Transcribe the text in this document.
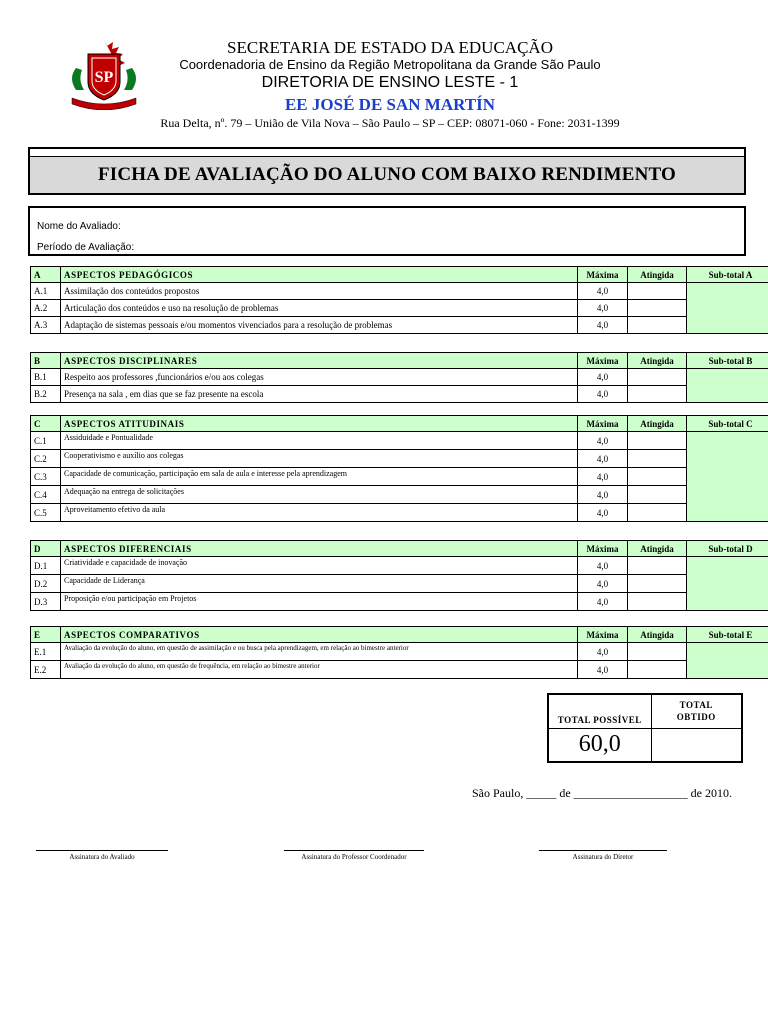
SP
SECRETARIA DE ESTADO DA EDUCAÇÃO
Coordenadoria de Ensino da Região Metropolitana da Grande São Paulo
DIRETORIA DE ENSINO LESTE - 1
EE JOSÉ DE SAN MARTÍN
Rua Delta, nº. 79 – União de Vila Nova – São Paulo – SP – CEP: 08071-060 - Fone: 2031-1399
FICHA DE AVALIAÇÃO DO ALUNO COM BAIXO RENDIMENTO
Nome do Avaliado:
Período de Avaliação:
A	ASPECTOS PEDAGÓGICOS	Máxima	Atingida	Sub-total A
A.1	Assimilação dos conteúdos propostos	4,0		
A.2	Articulação dos conteúdos e uso na resolução de problemas	4,0		
A.3	Adaptação de sistemas pessoais e/ou momentos vivenciados para a resolução de problemas	4,0		
B	ASPECTOS DISCIPLINARES	Máxima	Atingida	Sub-total B
B.1	Respeito aos professores ,funcionários e/ou aos colegas	4,0		
B.2	Presença na sala , em dias que se faz presente na escola	4,0		
C	ASPECTOS ATITUDINAIS	Máxima	Atingida	Sub-total C
C.1	Assiduidade e Pontualidade	4,0		
C.2	Cooperativismo e auxílio aos colegas	4,0		
C.3	Capacidade de comunicação, participação em sala de aula e interesse pela aprendizagem	4,0		
C.4	Adequação na entrega de solicitações	4,0		
C.5	Aproveitamento efetivo da aula	4,0		
D	ASPECTOS DIFERENCIAIS	Máxima	Atingida	Sub-total D
D.1	Criatividade e capacidade de inovação	4,0		
D.2	Capacidade de Liderança	4,0		
D.3	Proposição e/ou participação em Projetos	4,0		
E	ASPECTOS COMPARATIVOS	Máxima	Atingida	Sub-total E
E.1	Avaliação da evolução do aluno, em questão de assimilação e ou busca pela aprendizagem, em relação ao bimestre anterior	4,0		
E.2	Avaliação da evolução do aluno, em questão de frequência, em relação ao bimestre anterior	4,0		
TOTAL POSSÍVEL	TOTAL
OBTIDO
60,0	
São Paulo, _____ de ___________________ de 2010.
Assinatura do Avaliado	Assinatura do Professor Coordenador	Assinatura do Diretor
